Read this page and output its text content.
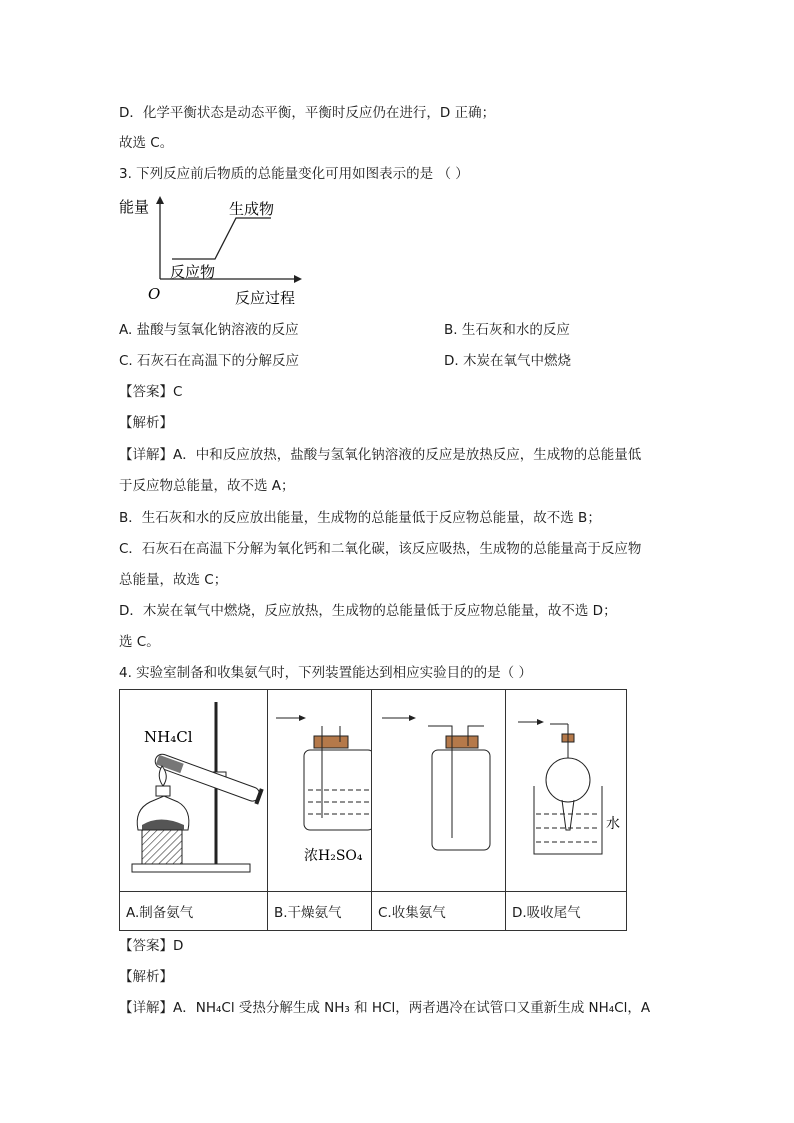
D．化学平衡状态是动态平衡，平衡时反应仍在进行，D 正确；
故选 C。
3. 下列反应前后物质的总能量变化可用如图表示的是 （ ）
能量	生成物
反应物
O	反应过程
A. 盐酸与氢氧化钠溶液的反应	B. 生石灰和水的反应
C. 石灰石在高温下的分解反应	D. 木炭在氧气中燃烧
【答案】C
【解析】
【详解】A．中和反应放热，盐酸与氢氧化钠溶液的反应是放热反应，生成物的总能量低
于反应物总能量，故不选 A；
B．生石灰和水的反应放出能量，生成物的总能量低于反应物总能量，故不选 B；
C．石灰石在高温下分解为氧化钙和二氧化碳，该反应吸热，生成物的总能量高于反应物
总能量，故选 C；
D．木炭在氧气中燃烧，反应放热，生成物的总能量低于反应物总能量，故不选 D；
选 C。
4. 实验室制备和收集氨气时，下列装置能达到相应实验目的的是（ ）
NH₄Cl	浓H₂SO₄		水

A.制备氨气	B.干燥氨气	C.收集氨气	D.吸收尾气
【答案】D
【解析】
【详解】A．NH₄Cl 受热分解生成 NH₃ 和 HCl，两者遇冷在试管口又重新生成 NH₄Cl，A
